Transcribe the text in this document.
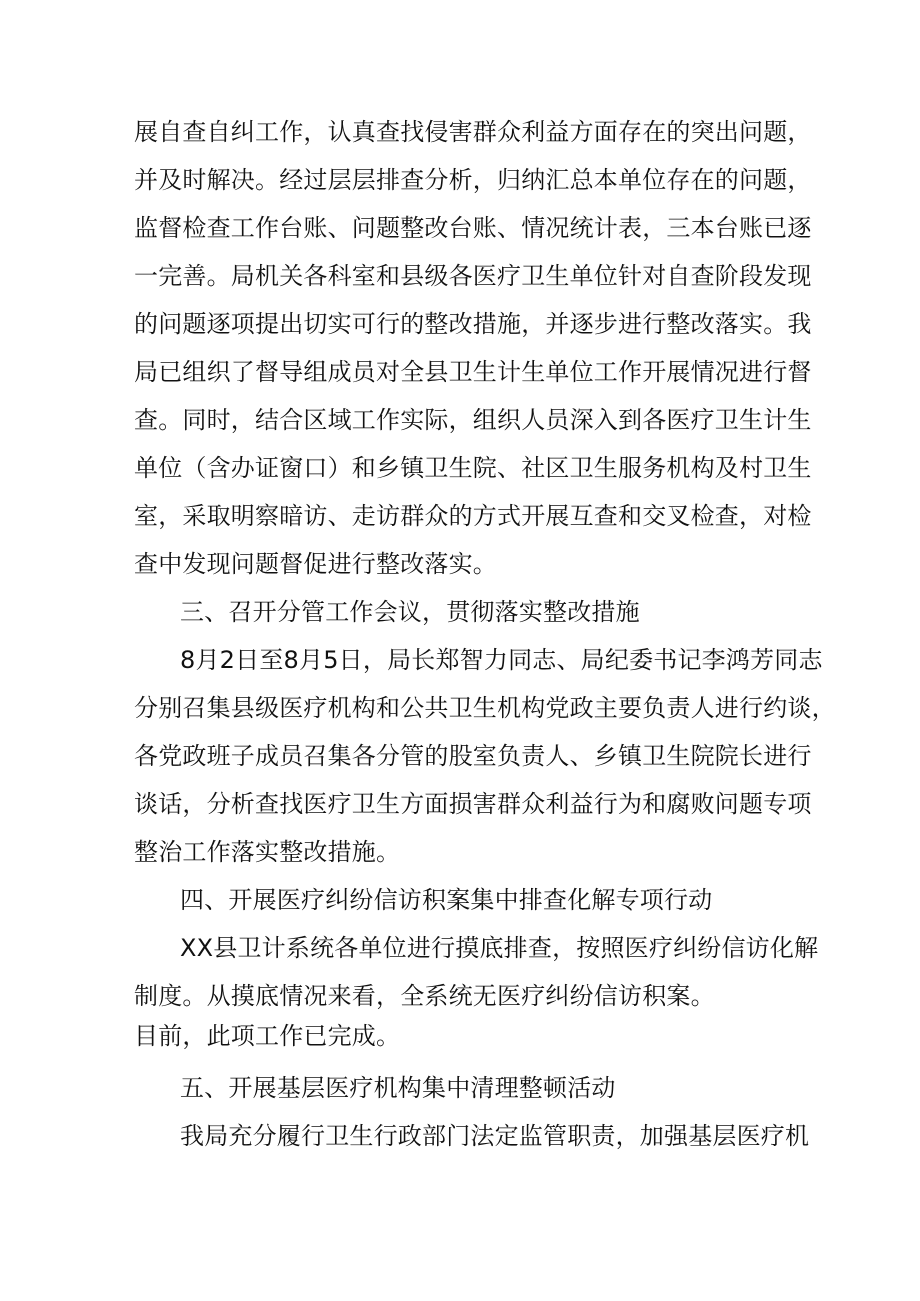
展自查自纠工作，认真查找侵害群众利益方面存在的突出问题，
并及时解决。经过层层排查分析，归纳汇总本单位存在的问题，
监督检查工作台账、问题整改台账、情况统计表，三本台账已逐
一完善。局机关各科室和县级各医疗卫生单位针对自查阶段发现
的问题逐项提出切实可行的整改措施，并逐步进行整改落实。我
局已组织了督导组成员对全县卫生计生单位工作开展情况进行督
查。同时，结合区域工作实际，组织人员深入到各医疗卫生计生
单位（含办证窗口）和乡镇卫生院、社区卫生服务机构及村卫生
室，采取明察暗访、走访群众的方式开展互查和交叉检查，对检
查中发现问题督促进行整改落实。
三、召开分管工作会议，贯彻落实整改措施
8月2日至8月5日，局长郑智力同志、局纪委书记李鸿芳同志
分别召集县级医疗机构和公共卫生机构党政主要负责人进行约谈，
各党政班子成员召集各分管的股室负责人、乡镇卫生院院长进行
谈话，分析查找医疗卫生方面损害群众利益行为和腐败问题专项
整治工作落实整改措施。
四、开展医疗纠纷信访积案集中排查化解专项行动
XX县卫计系统各单位进行摸底排查，按照医疗纠纷信访化解
制度。从摸底情况来看，全系统无医疗纠纷信访积案。
目前，此项工作已完成。
五、开展基层医疗机构集中清理整顿活动
我局充分履行卫生行政部门法定监管职责，加强基层医疗机
